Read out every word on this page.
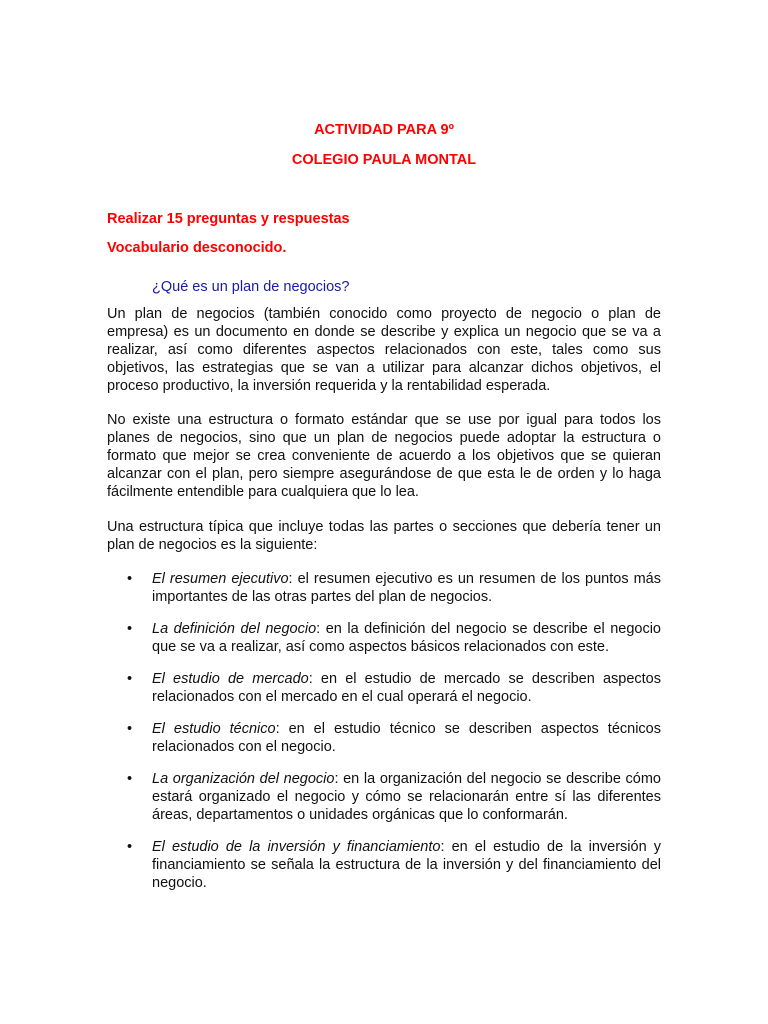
ACTIVIDAD PARA 9º

COLEGIO PAULA MONTAL

Realizar 15 preguntas y respuestas

Vocabulario desconocido.

¿Qué es un plan de negocios?

Un plan de negocios (también conocido como proyecto de negocio o plan de empresa) es un documento en donde se describe y explica un negocio que se va a realizar, así como diferentes aspectos relacionados con este, tales como sus objetivos, las estrategias que se van a utilizar para alcanzar dichos objetivos, el proceso productivo, la inversión requerida y la rentabilidad esperada.

No existe una estructura o formato estándar que se use por igual para todos los planes de negocios, sino que un plan de negocios puede adoptar la estructura o formato que mejor se crea conveniente de acuerdo a los objetivos que se quieran alcanzar con el plan, pero siempre asegurándose de que esta le de orden y lo haga fácilmente entendible para cualquiera que lo lea.

Una estructura típica que incluye todas las partes o secciones que debería tener un plan de negocios es la siguiente:

• El resumen ejecutivo: el resumen ejecutivo es un resumen de los puntos más importantes de las otras partes del plan de negocios.
• La definición del negocio: en la definición del negocio se describe el negocio que se va a realizar, así como aspectos básicos relacionados con este.
• El estudio de mercado: en el estudio de mercado se describen aspectos relacionados con el mercado en el cual operará el negocio.
• El estudio técnico: en el estudio técnico se describen aspectos técnicos relacionados con el negocio.
• La organización del negocio: en la organización del negocio se describe cómo estará organizado el negocio y cómo se relacionarán entre sí las diferentes áreas, departamentos o unidades orgánicas que lo conformarán.
• El estudio de la inversión y financiamiento: en el estudio de la inversión y financiamiento se señala la estructura de la inversión y del financiamiento del negocio.
